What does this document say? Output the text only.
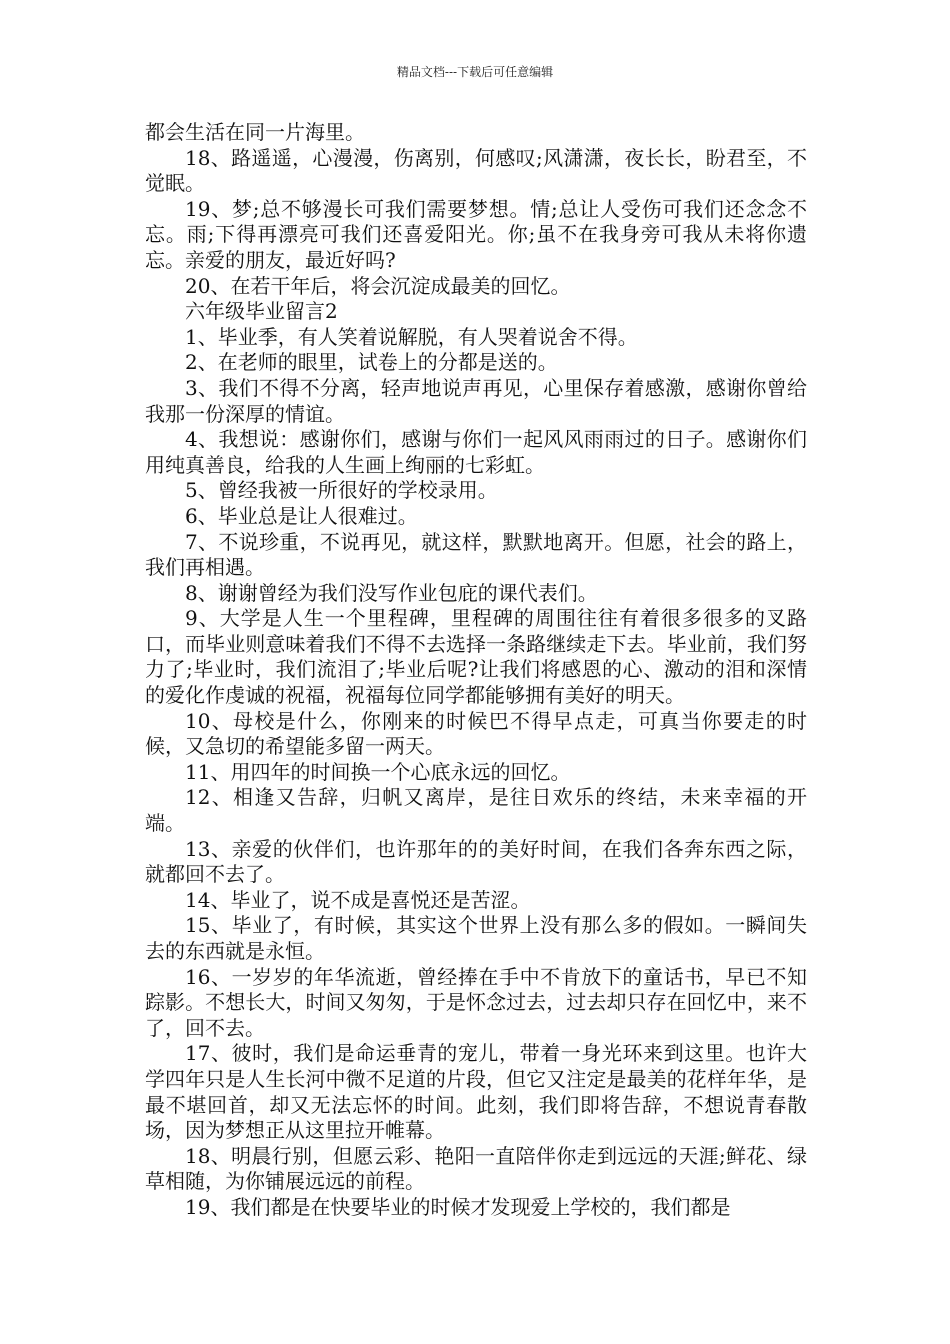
精品文档---下载后可任意编辑

都会生活在同一片海里。

18、路遥遥，心漫漫，伤离别，何感叹;风潇潇，夜长长，盼君至，不觉眠。

19、梦;总不够漫长可我们需要梦想。情;总让人受伤可我们还念念不忘。雨;下得再漂亮可我们还喜爱阳光。你;虽不在我身旁可我从未将你遗忘。亲爱的朋友，最近好吗?

20、在若干年后，将会沉淀成最美的回忆。

六年级毕业留言2

1、毕业季，有人笑着说解脱，有人哭着说舍不得。

2、在老师的眼里，试卷上的分都是送的。

3、我们不得不分离，轻声地说声再见，心里保存着感激，感谢你曾给我那一份深厚的情谊。

4、我想说：感谢你们，感谢与你们一起风风雨雨过的日子。感谢你们用纯真善良，给我的人生画上绚丽的七彩虹。

5、曾经我被一所很好的学校录用。

6、毕业总是让人很难过。

7、不说珍重，不说再见，就这样，默默地离开。但愿，社会的路上，我们再相遇。

8、谢谢曾经为我们没写作业包庇的课代表们。

9、大学是人生一个里程碑，里程碑的周围往往有着很多很多的叉路口，而毕业则意味着我们不得不去选择一条路继续走下去。毕业前，我们努力了;毕业时，我们流泪了;毕业后呢?让我们将感恩的心、激动的泪和深情的爱化作虔诚的祝福，祝福每位同学都能够拥有美好的明天。

10、母校是什么，你刚来的时候巴不得早点走，可真当你要走的时候，又急切的希望能多留一两天。

11、用四年的时间换一个心底永远的回忆。

12、相逢又告辞，归帆又离岸，是往日欢乐的终结，未来幸福的开端。

13、亲爱的伙伴们，也许那年的的美好时间，在我们各奔东西之际，就都回不去了。

14、毕业了，说不成是喜悦还是苦涩。

15、毕业了，有时候，其实这个世界上没有那么多的假如。一瞬间失去的东西就是永恒。

16、一岁岁的年华流逝，曾经捧在手中不肯放下的童话书，早已不知踪影。不想长大，时间又匆匆，于是怀念过去，过去却只存在回忆中，来不了，回不去。

17、彼时，我们是命运垂青的宠儿，带着一身光环来到这里。也许大学四年只是人生长河中微不足道的片段，但它又注定是最美的花样年华，是最不堪回首，却又无法忘怀的时间。此刻，我们即将告辞，不想说青春散场，因为梦想正从这里拉开帷幕。

18、明晨行别，但愿云彩、艳阳一直陪伴你走到远远的天涯;鲜花、绿草相随，为你铺展远远的前程。

19、我们都是在快要毕业的时候才发现爱上学校的，我们都是
